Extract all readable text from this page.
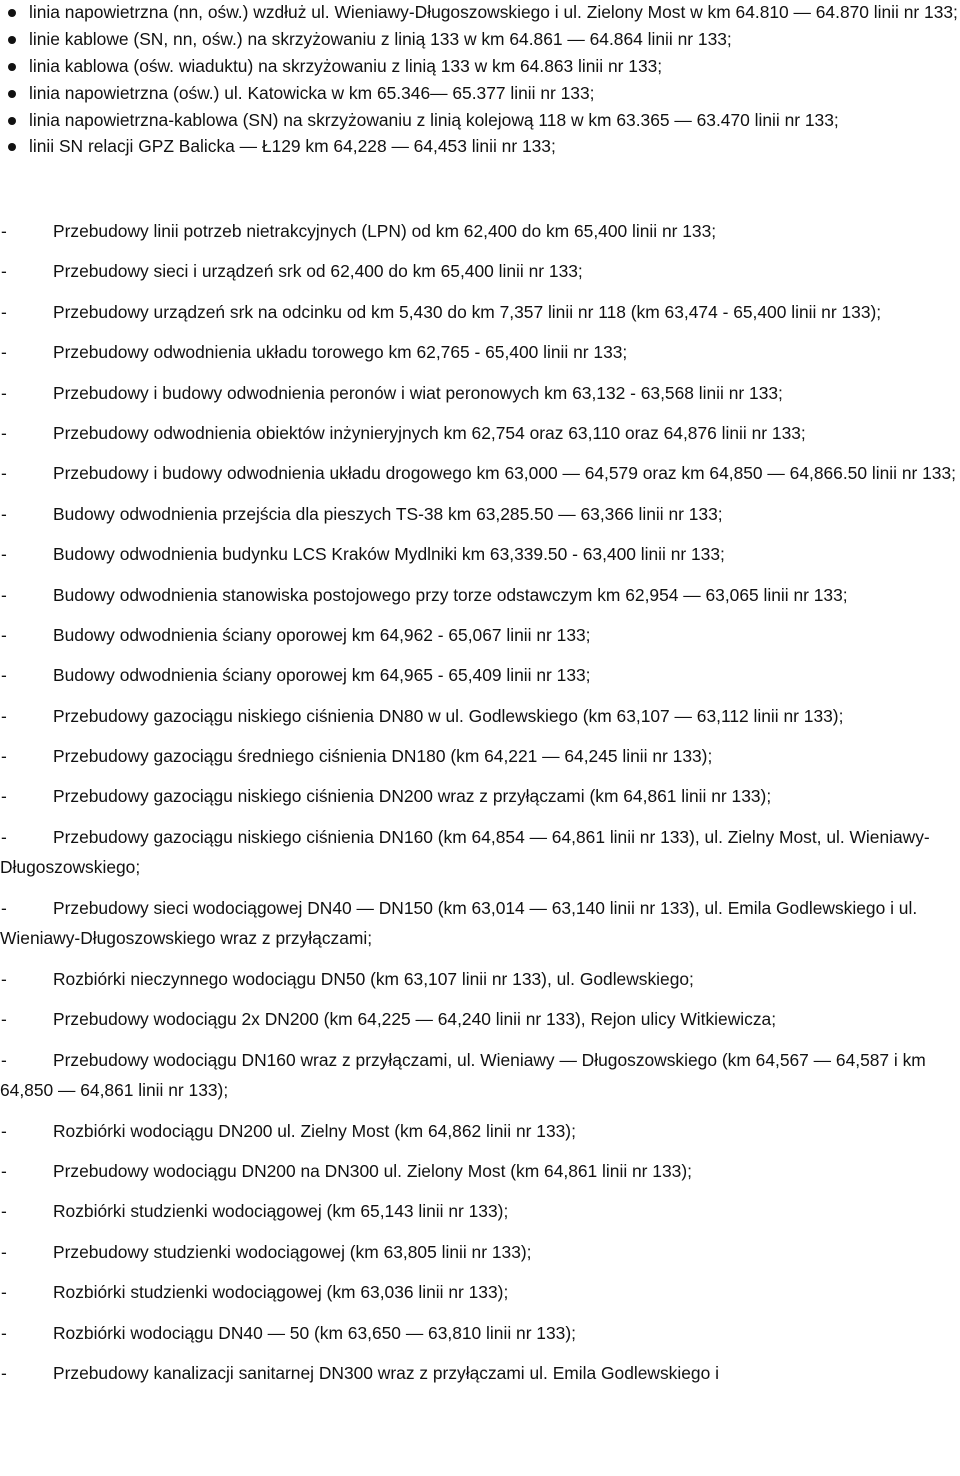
linia napowietrzna (nn, ośw.) wzdłuż ul. Wieniawy-Długoszowskiego i ul. Zielony Most w km 64.810 — 64.870 linii nr 133;
linie kablowe (SN, nn, ośw.) na skrzyżowaniu z linią 133 w km 64.861 — 64.864 linii nr 133;
linia kablowa (ośw. wiaduktu) na skrzyżowaniu z linią 133 w km 64.863 linii nr 133;
linia napowietrzna (ośw.) ul. Katowicka w km 65.346— 65.377 linii nr 133;
linia napowietrzna-kablowa (SN) na skrzyżowaniu z linią kolejową 118 w km 63.365 — 63.470 linii nr 133;
linii SN relacji GPZ Balicka — Ł129 km 64,228 — 64,453 linii nr 133;
-	Przebudowy linii potrzeb nietrakcyjnych (LPN) od km 62,400 do km 65,400 linii nr 133;
-	Przebudowy sieci i urządzeń srk od 62,400 do km 65,400 linii nr 133;
-	Przebudowy urządzeń srk na odcinku od km 5,430 do km 7,357 linii nr 118 (km 63,474 - 65,400 linii nr 133);
-	Przebudowy odwodnienia układu torowego km 62,765 - 65,400 linii nr 133;
-	Przebudowy i budowy odwodnienia peronów i wiat peronowych km 63,132 - 63,568 linii nr 133;
-	Przebudowy odwodnienia obiektów inżynieryjnych km 62,754 oraz 63,110 oraz 64,876 linii nr 133;
-	Przebudowy i budowy odwodnienia układu drogowego km 63,000 — 64,579 oraz km 64,850 — 64,866.50 linii nr 133;
-	Budowy odwodnienia przejścia dla pieszych TS-38 km 63,285.50 — 63,366 linii nr 133;
-	Budowy odwodnienia budynku LCS Kraków Mydlniki km 63,339.50 - 63,400 linii nr 133;
-	Budowy odwodnienia stanowiska postojowego przy torze odstawczym km 62,954 — 63,065 linii nr 133;
-	Budowy odwodnienia ściany oporowej km 64,962 - 65,067 linii nr 133;
-	Budowy odwodnienia ściany oporowej km 64,965 - 65,409 linii nr 133;
-	Przebudowy gazociągu niskiego ciśnienia DN80 w ul. Godlewskiego (km 63,107 — 63,112 linii nr 133);
-	Przebudowy gazociągu średniego ciśnienia DN180 (km 64,221 — 64,245 linii nr 133);
-	Przebudowy gazociągu niskiego ciśnienia DN200 wraz z przyłączami (km 64,861 linii nr 133);
-	Przebudowy gazociągu niskiego ciśnienia DN160 (km 64,854 — 64,861 linii nr 133), ul. Zielny Most, ul. Wieniawy-Długoszowskiego;
-	Przebudowy sieci wodociągowej DN40 — DN150 (km 63,014 — 63,140 linii nr 133), ul. Emila Godlewskiego i ul. Wieniawy-Długoszowskiego wraz z przyłączami;
-	Rozbiórki nieczynnego wodociągu DN50 (km 63,107 linii nr 133), ul. Godlewskiego;
-	Przebudowy wodociągu 2x DN200 (km 64,225 — 64,240 linii nr 133), Rejon ulicy Witkiewicza;
-	Przebudowy wodociągu DN160 wraz z przyłączami, ul. Wieniawy — Długoszowskiego (km 64,567 — 64,587 i km 64,850 — 64,861 linii nr 133);
-	Rozbiórki wodociągu DN200 ul. Zielny Most (km 64,862 linii nr 133);
-	Przebudowy wodociągu DN200 na DN300 ul. Zielony Most (km 64,861 linii nr 133);
-	Rozbiórki studzienki wodociągowej (km 65,143 linii nr 133);
-	Przebudowy studzienki wodociągowej (km 63,805 linii nr 133);
-	Rozbiórki studzienki wodociągowej (km 63,036 linii nr 133);
-	Rozbiórki wodociągu DN40 — 50 (km 63,650 — 63,810 linii nr 133);
-	Przebudowy kanalizacji sanitarnej DN300 wraz z przyłączami ul. Emila Godlewskiego i
